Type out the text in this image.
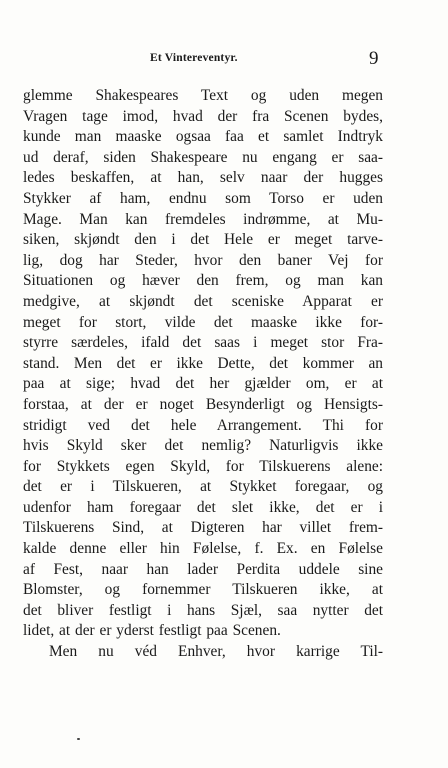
Et Vintereventyr.	9
glemme Shakespeares Text og uden megen
Vragen tage imod, hvad der fra Scenen bydes,
kunde man maaske ogsaa faa et samlet Indtryk
ud deraf, siden Shakespeare nu engang er saa-
ledes beskaffen, at han, selv naar der hugges
Stykker af ham, endnu som Torso er uden
Mage. Man kan fremdeles indrømme, at Mu-
siken, skjøndt den i det Hele er meget tarve-
lig, dog har Steder, hvor den baner Vej for
Situationen og hæver den frem, og man kan
medgive, at skjøndt det sceniske Apparat er
meget for stort, vilde det maaske ikke for-
styrre særdeles, ifald det saas i meget stor Fra-
stand. Men det er ikke Dette, det kommer an
paa at sige; hvad det her gjælder om, er at
forstaa, at der er noget Besynderligt og Hensigts-
stridigt ved det hele Arrangement. Thi for
hvis Skyld sker det nemlig? Naturligvis ikke
for Stykkets egen Skyld, for Tilskuerens alene:
det er i Tilskueren, at Stykket foregaar, og
udenfor ham foregaar det slet ikke, det er i
Tilskuerens Sind, at Digteren har villet frem-
kalde denne eller hin Følelse, f. Ex. en Følelse
af Fest, naar han lader Perdita uddele sine
Blomster, og fornemmer Tilskueren ikke, at
det bliver festligt i hans Sjæl, saa nytter det
lidet, at der er yderst festligt paa Scenen.
Men nu véd Enhver, hvor karrige Til-
